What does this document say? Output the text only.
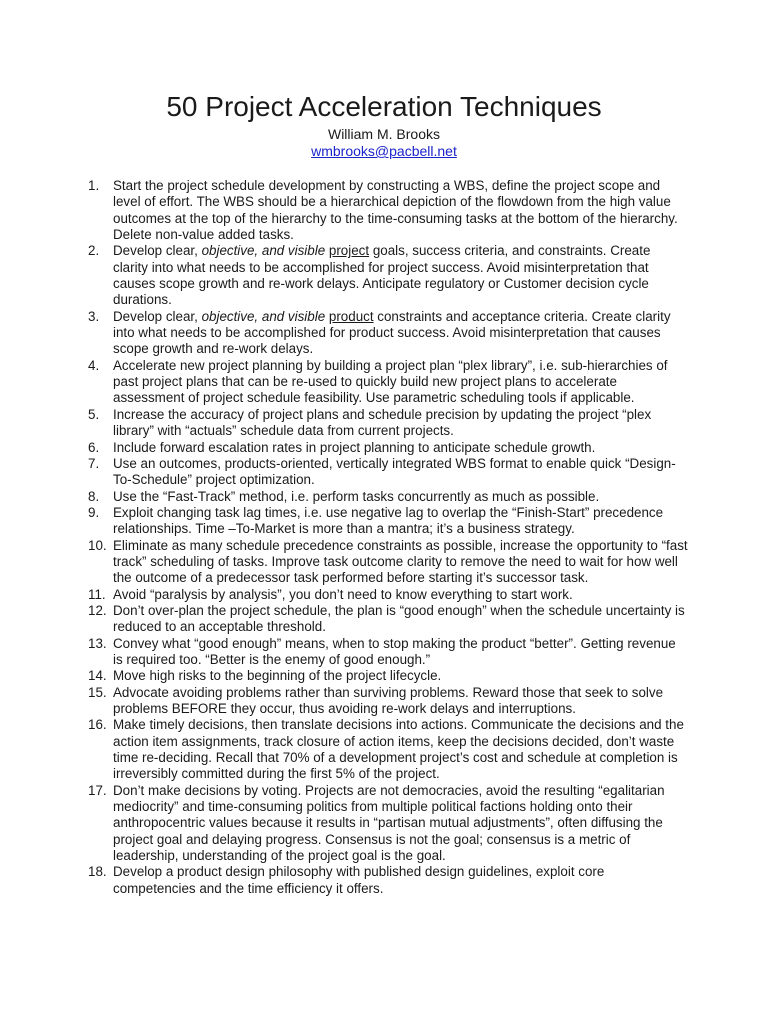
50 Project Acceleration Techniques
William M. Brooks
wmbrooks@pacbell.net
1. Start the project schedule development by constructing a WBS, define the project scope and level of effort. The WBS should be a hierarchical depiction of the flowdown from the high value outcomes at the top of the hierarchy to the time-consuming tasks at the bottom of the hierarchy. Delete non-value added tasks.
2. Develop clear, objective, and visible project goals, success criteria, and constraints. Create clarity into what needs to be accomplished for project success. Avoid misinterpretation that causes scope growth and re-work delays. Anticipate regulatory or Customer decision cycle durations.
3. Develop clear, objective, and visible product constraints and acceptance criteria. Create clarity into what needs to be accomplished for product success. Avoid misinterpretation that causes scope growth and re-work delays.
4. Accelerate new project planning by building a project plan “plex library”, i.e. sub-hierarchies of past project plans that can be re-used to quickly build new project plans to accelerate assessment of project schedule feasibility. Use parametric scheduling tools if applicable.
5. Increase the accuracy of project plans and schedule precision by updating the project “plex library” with “actuals” schedule data from current projects.
6. Include forward escalation rates in project planning to anticipate schedule growth.
7. Use an outcomes, products-oriented, vertically integrated WBS format to enable quick “Design-To-Schedule” project optimization.
8. Use the “Fast-Track” method, i.e. perform tasks concurrently as much as possible.
9. Exploit changing task lag times, i.e. use negative lag to overlap the “Finish-Start” precedence relationships. Time –To-Market is more than a mantra; it’s a business strategy.
10. Eliminate as many schedule precedence constraints as possible, increase the opportunity to “fast track” scheduling of tasks. Improve task outcome clarity to remove the need to wait for how well the outcome of a predecessor task performed before starting it’s successor task.
11. Avoid “paralysis by analysis”, you don’t need to know everything to start work.
12. Don’t over-plan the project schedule, the plan is “good enough” when the schedule uncertainty is reduced to an acceptable threshold.
13. Convey what “good enough” means, when to stop making the product “better”. Getting revenue is required too. “Better is the enemy of good enough.”
14. Move high risks to the beginning of the project lifecycle.
15. Advocate avoiding problems rather than surviving problems. Reward those that seek to solve problems BEFORE they occur, thus avoiding re-work delays and interruptions.
16. Make timely decisions, then translate decisions into actions. Communicate the decisions and the action item assignments, track closure of action items, keep the decisions decided, don’t waste time re-deciding. Recall that 70% of a development project’s cost and schedule at completion is irreversibly committed during the first 5% of the project.
17. Don’t make decisions by voting. Projects are not democracies, avoid the resulting “egalitarian mediocrity” and time-consuming politics from multiple political factions holding onto their anthropocentric values because it results in “partisan mutual adjustments”, often diffusing the project goal and delaying progress. Consensus is not the goal; consensus is a metric of leadership, understanding of the project goal is the goal.
18. Develop a product design philosophy with published design guidelines, exploit core competencies and the time efficiency it offers.
